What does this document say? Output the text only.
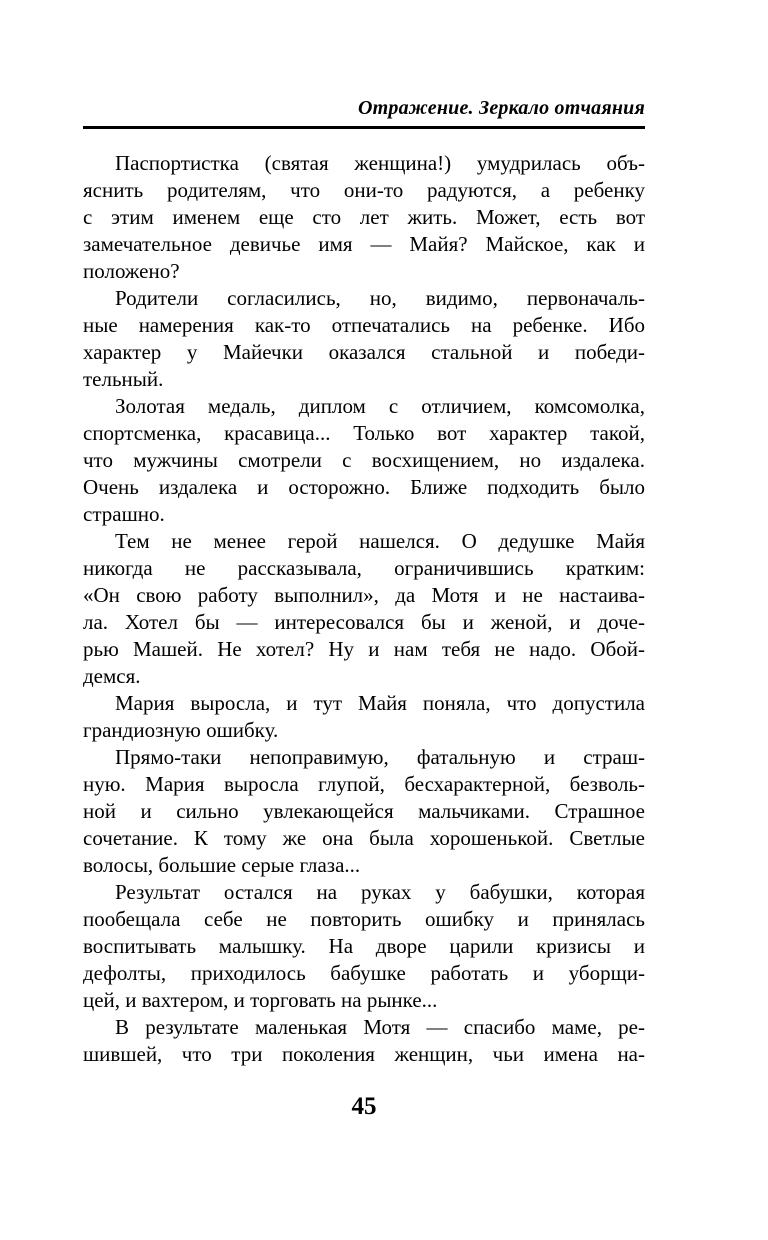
Отражение. Зеркало отчаяния
Паспортистка (святая женщина!) умудрилась объ-
яснить родителям, что они-то радуются, а ребенку
с этим именем еще сто лет жить. Может, есть вот
замечательное девичье имя — Майя? Майское, как и
положено?
Родители согласились, но, видимо, первоначаль-
ные намерения как-то отпечатались на ребенке. Ибо
характер у Майечки оказался стальной и победи-
тельный.
Золотая медаль, диплом с отличием, комсомолка,
спортсменка, красавица... Только вот характер такой,
что мужчины смотрели с восхищением, но издалека.
Очень издалека и осторожно. Ближе подходить было
страшно.
Тем не менее герой нашелся. О дедушке Майя
никогда не рассказывала, ограничившись кратким:
«Он свою работу выполнил», да Мотя и не настаива-
ла. Хотел бы — интересовался бы и женой, и доче-
рью Машей. Не хотел? Ну и нам тебя не надо. Обой-
демся.
Мария выросла, и тут Майя поняла, что допустила
грандиозную ошибку.
Прямо-таки непоправимую, фатальную и страш-
ную. Мария выросла глупой, бесхарактерной, безволь-
ной и сильно увлекающейся мальчиками. Страшное
сочетание. К тому же она была хорошенькой. Светлые
волосы, большие серые глаза...
Результат остался на руках у бабушки, которая
пообещала себе не повторить ошибку и принялась
воспитывать малышку. На дворе царили кризисы и
дефолты, приходилось бабушке работать и уборщи-
цей, и вахтером, и торговать на рынке...
В результате маленькая Мотя — спасибо маме, ре-
шившей, что три поколения женщин, чьи имена на-
45
